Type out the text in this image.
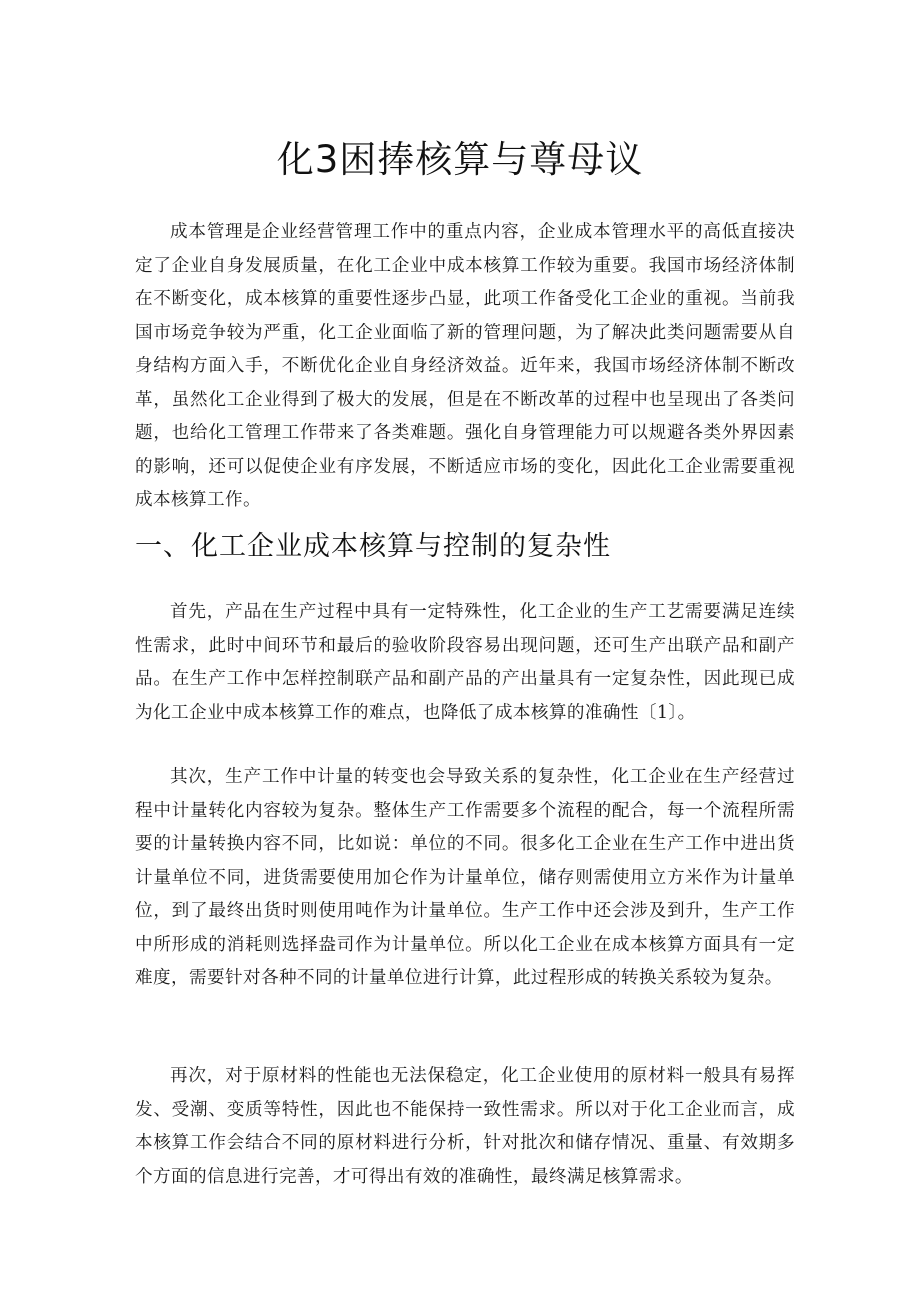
化3困捧核算与尊母议

成本管理是企业经营管理工作中的重点内容，企业成本管理水平的高低直接决定了企业自身发展质量，在化工企业中成本核算工作较为重要。我国市场经济体制在不断变化，成本核算的重要性逐步凸显，此项工作备受化工企业的重视。当前我国市场竞争较为严重，化工企业面临了新的管理问题，为了解决此类问题需要从自身结构方面入手，不断优化企业自身经济效益。近年来，我国市场经济体制不断改革，虽然化工企业得到了极大的发展，但是在不断改革的过程中也呈现出了各类问题，也给化工管理工作带来了各类难题。强化自身管理能力可以规避各类外界因素的影响，还可以促使企业有序发展，不断适应市场的变化，因此化工企业需要重视成本核算工作。

一、化工企业成本核算与控制的复杂性

首先，产品在生产过程中具有一定特殊性，化工企业的生产工艺需要满足连续性需求，此时中间环节和最后的验收阶段容易出现问题，还可生产出联产品和副产品。在生产工作中怎样控制联产品和副产品的产出量具有一定复杂性，因此现已成为化工企业中成本核算工作的难点，也降低了成本核算的准确性〔1〕。

其次，生产工作中计量的转变也会导致关系的复杂性，化工企业在生产经营过程中计量转化内容较为复杂。整体生产工作需要多个流程的配合，每一个流程所需要的计量转换内容不同，比如说：单位的不同。很多化工企业在生产工作中进出货计量单位不同，进货需要使用加仑作为计量单位，储存则需使用立方米作为计量单位，到了最终出货时则使用吨作为计量单位。生产工作中还会涉及到升，生产工作中所形成的消耗则选择盎司作为计量单位。所以化工企业在成本核算方面具有一定难度，需要针对各种不同的计量单位进行计算，此过程形成的转换关系较为复杂。

再次，对于原材料的性能也无法保稳定，化工企业使用的原材料一般具有易挥发、受潮、变质等特性，因此也不能保持一致性需求。所以对于化工企业而言，成本核算工作会结合不同的原材料进行分析，针对批次和储存情况、重量、有效期多个方面的信息进行完善，才可得出有效的准确性，最终满足核算需求。
